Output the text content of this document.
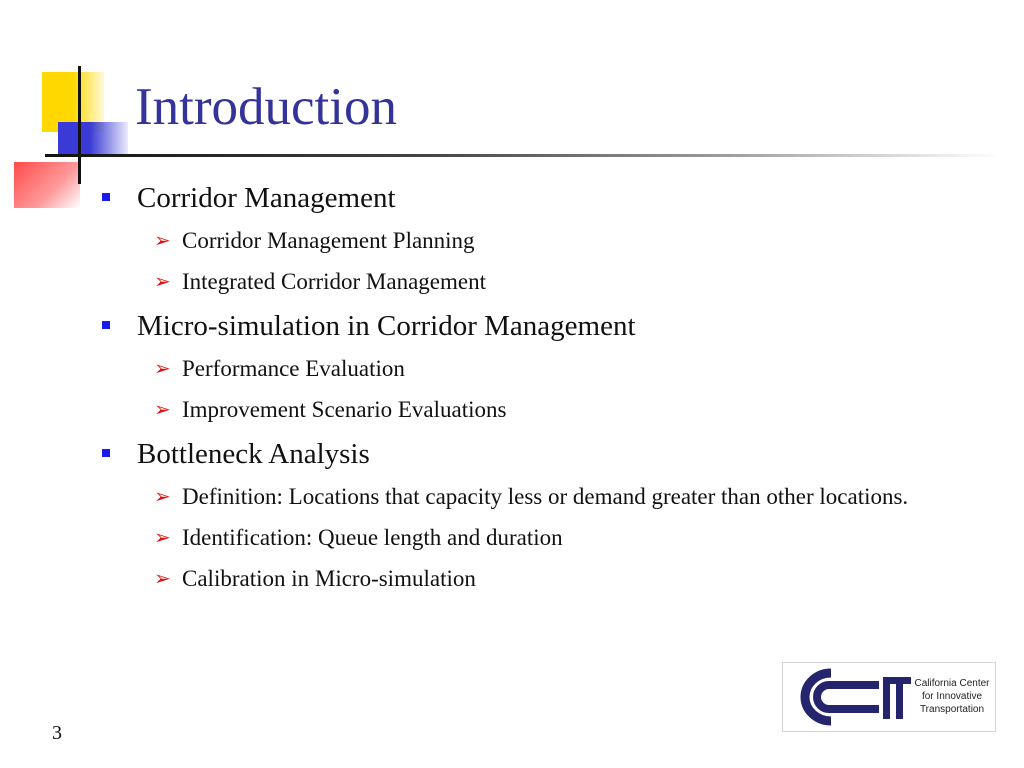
Introduction
Corridor Management
➢ Corridor Management Planning
➢ Integrated Corridor Management
Micro-simulation in Corridor Management
➢ Performance Evaluation
➢ Improvement Scenario Evaluations
Bottleneck Analysis
➢ Definition: Locations that capacity less or demand greater than other locations.
➢ Identification: Queue length and duration
➢ Calibration in Micro-simulation
3
California Center
for Innovative
Transportation
